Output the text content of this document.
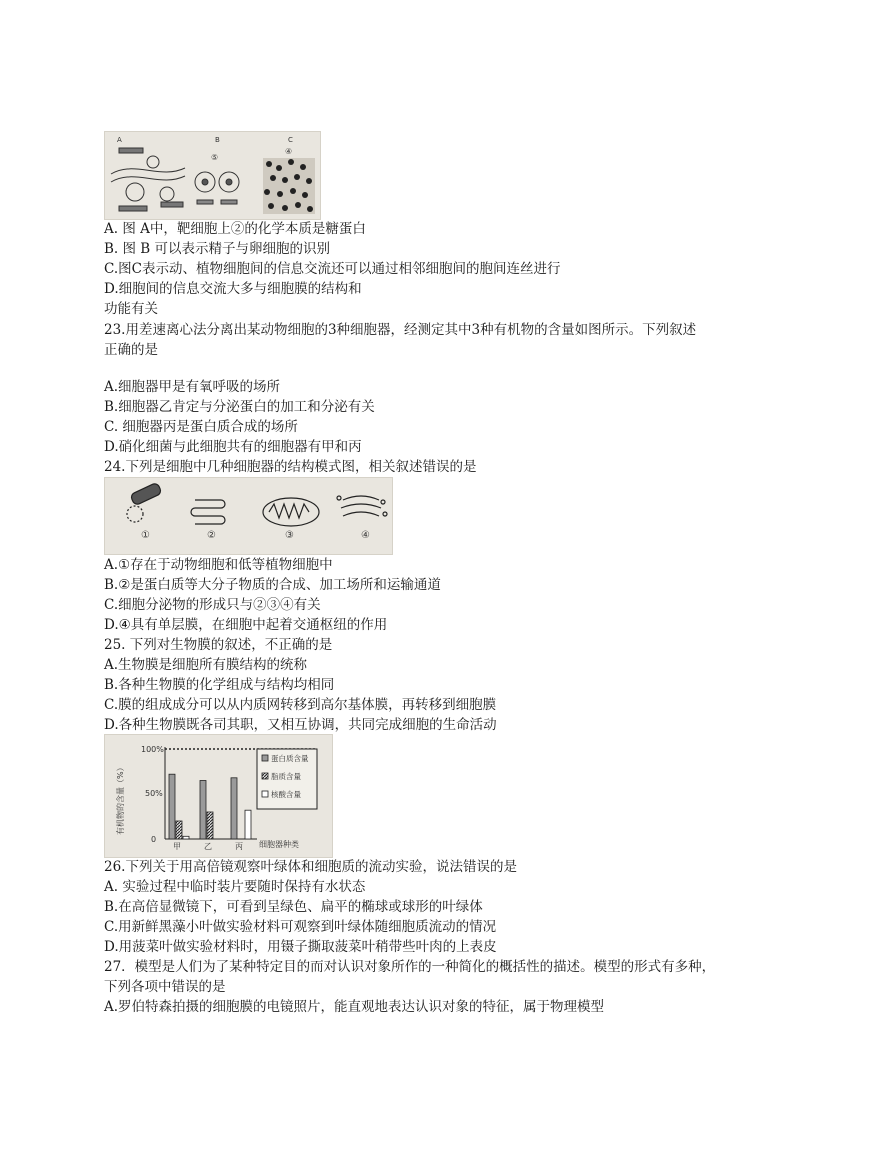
A	B	C
⑤
④
A. 图 A中，靶细胞上②的化学本质是糖蛋白
B. 图 B 可以表示精子与卵细胞的识别
C.图C表示动、植物细胞间的信息交流还可以通过相邻细胞间的胞间连丝进行
D.细胞间的信息交流大多与细胞膜的结构和
功能有关
23.用差速离心法分离出某动物细胞的3种细胞器，经测定其中3种有机物的含量如图所示。下列叙述
正确的是
A.细胞器甲是有氧呼吸的场所
B.细胞器乙肯定与分泌蛋白的加工和分泌有关
C. 细胞器丙是蛋白质合成的场所
D.硝化细菌与此细胞共有的细胞器有甲和丙
24.下列是细胞中几种细胞器的结构模式图，相关叙述错误的是
①	②	③	④
A.①存在于动物细胞和低等植物细胞中
B.②是蛋白质等大分子物质的合成、加工场所和运输通道
C.细胞分泌物的形成只与②③④有关
D.④具有单层膜，在细胞中起着交通枢纽的作用
25. 下列对生物膜的叙述，不正确的是
A.生物膜是细胞所有膜结构的统称
B.各种生物膜的化学组成与结构均相同
C.膜的组成成分可以从内质网转移到高尔基体膜，再转移到细胞膜
D.各种生物膜既各司其职，又相互协调，共同完成细胞的生命活动
有机物的含量（%）
0
50%
100%
甲	乙	丙 细胞器种类
蛋白质含量
脂质含量
核酸含量
26.下列关于用高倍镜观察叶绿体和细胞质的流动实验，说法错误的是
A. 实验过程中临时装片要随时保持有水状态
B.在高倍显微镜下，可看到呈绿色、扁平的椭球或球形的叶绿体
C.用新鲜黑藻小叶做实验材料可观察到叶绿体随细胞质流动的情况
D.用菠菜叶做实验材料时，用镊子撕取菠菜叶稍带些叶肉的上表皮
27．模型是人们为了某种特定目的而对认识对象所作的一种简化的概括性的描述。模型的形式有多种，
下列各项中错误的是
A.罗伯特森拍摄的细胞膜的电镜照片，能直观地表达认识对象的特征，属于物理模型
